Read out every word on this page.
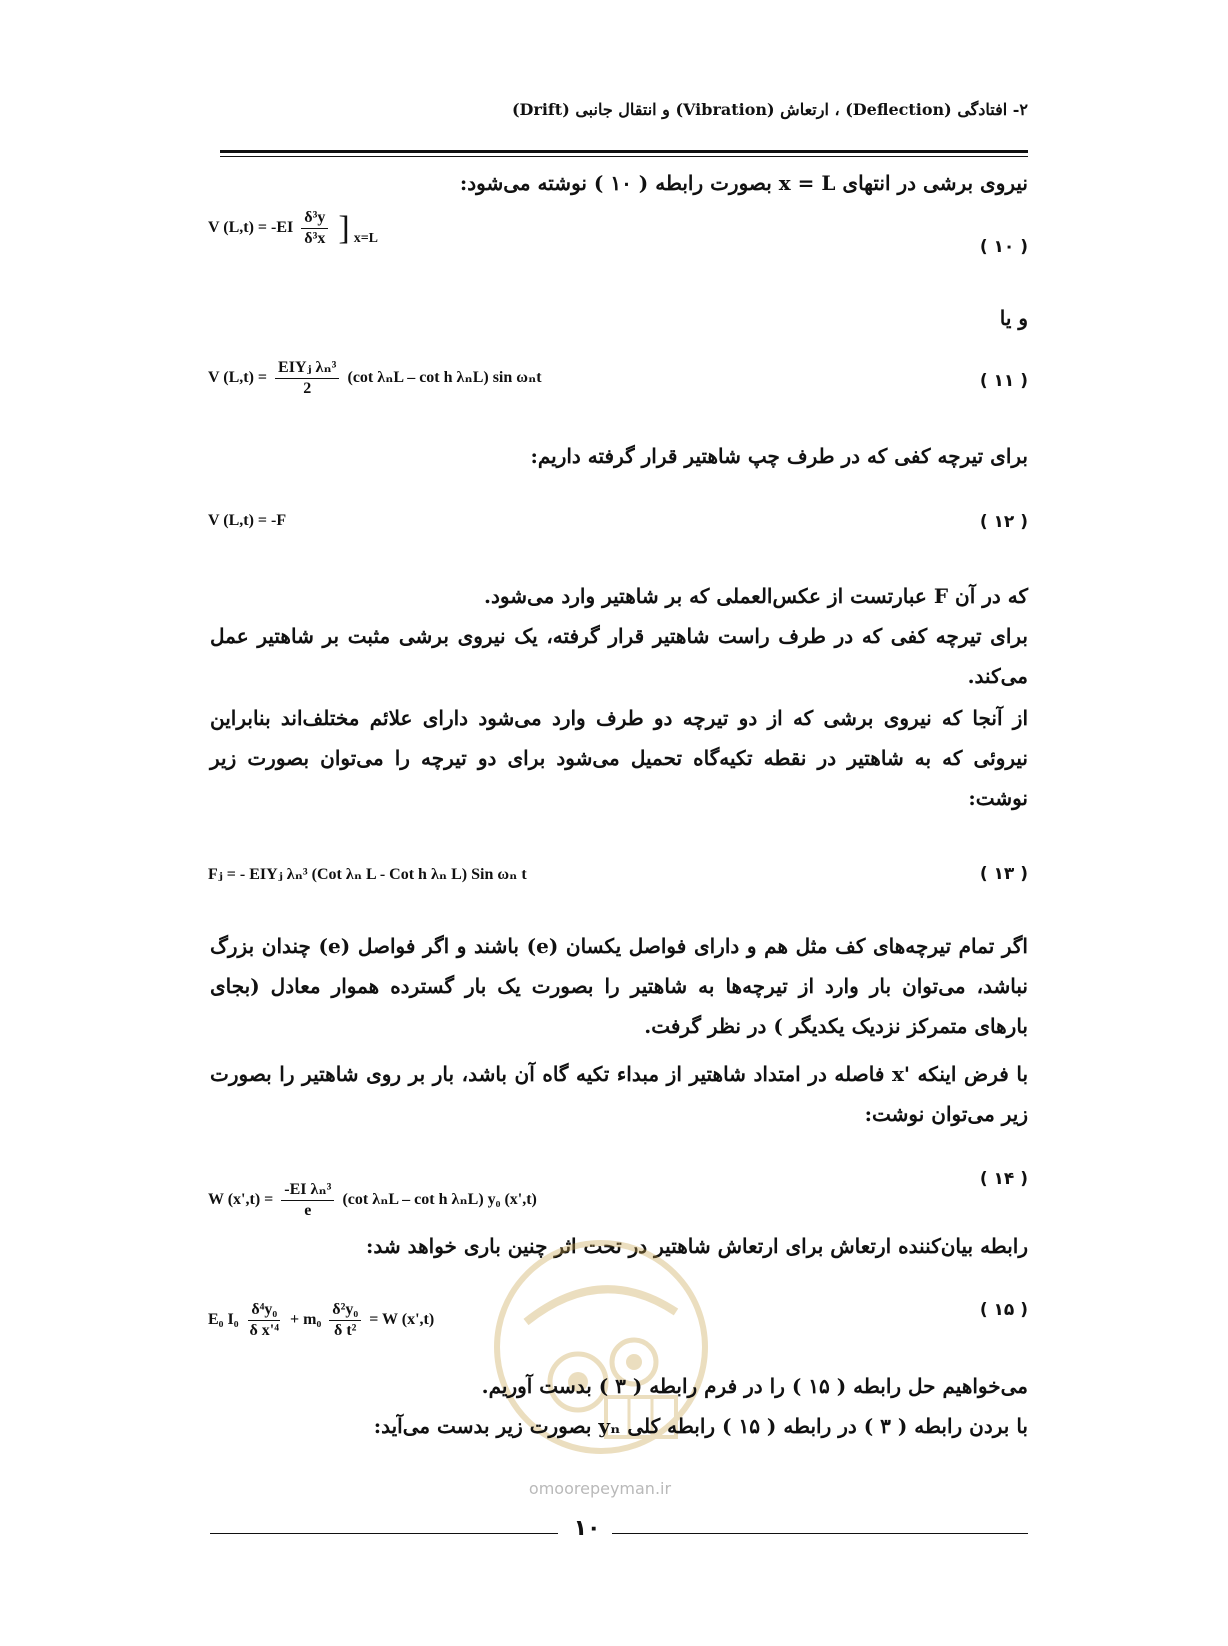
۲- افتادگی (Deflection) ، ارتعاش (Vibration) و انتقال جانبی (Drift)
نیروی برشی در انتهای x = L بصورت رابطه ( ۱۰ ) نوشته می‌شود:
V $(L,t) = -EI \frac{\text{δ³y}}{\text{δ³x}}$ ] x=L	( ۱۰ )
و یا
V $(L,t) = \frac{\text{EIYⱼ λₙ³}}{2} (\cot$ λₙL – cot h λₙL) sin ωₙt	( ۱۱ )
برای تیرچه کفی که در طرف چپ شاهتیر قرار گرفته داریم:
V (L,t) = -F	( ۱۲ )
که در آن F عبارتست از عکس‌العملی که بر شاهتیر وارد می‌شود.
برای تیرچه کفی که در طرف راست شاهتیر قرار گرفته، یک نیروی برشی مثبت بر شاهتیر عمل می‌کند.
از آنجا که نیروی برشی که از دو تیرچه دو طرف وارد می‌شود دارای علائم مختلف‌اند بنابراین نیروئی که به شاهتیر در نقطه تکیه‌گاه تحمیل می‌شود برای دو تیرچه را می‌توان بصورت زیر نوشت:
Fⱼ = - EIYⱼ λₙ³ (Cot λₙ L - Cot h λₙ L) Sin ωₙ t	( ۱۳ )
اگر تمام تیرچه‌های کف مثل هم و دارای فواصل یکسان (e) باشند و اگر فواصل (e) چندان بزرگ نباشد، می‌توان بار وارد از تیرچه‌ها به شاهتیر را بصورت یک بار گسترده هموار معادل (بجای بارهای متمرکز نزدیک یکدیگر ) در نظر گرفت.
با فرض اینکه 'x فاصله در امتداد شاهتیر از مبداء تکیه گاه آن باشد، بار بر روی شاهتیر را بصورت زیر می‌توان نوشت:
( ۱۴ )
W $(x',t) = \frac{\text{-EI λₙ³}}{e} (\cot$ λₙL – cot h λₙL) y₀ (x',t)
رابطه بیان‌کننده ارتعاش برای ارتعاش شاهتیر در تحت اثر چنین باری خواهد شد:
E₀ $I_0 \frac{\text{δ⁴y₀}}{\text{δ x'⁴}} + m_0 \frac{\text{δ²y₀}}{\text{δ t²}} = W$ (x',t)	( ۱۵ )
می‌خواهیم حل رابطه ( ۱۵ ) را در فرم رابطه ( ۳ ) بدست آوریم.
با بردن رابطه ( ۳ ) در رابطه ( ۱۵ ) رابطه کلی yₙ بصورت زیر بدست می‌آید:
omoorepeyman.ir
۱۰
